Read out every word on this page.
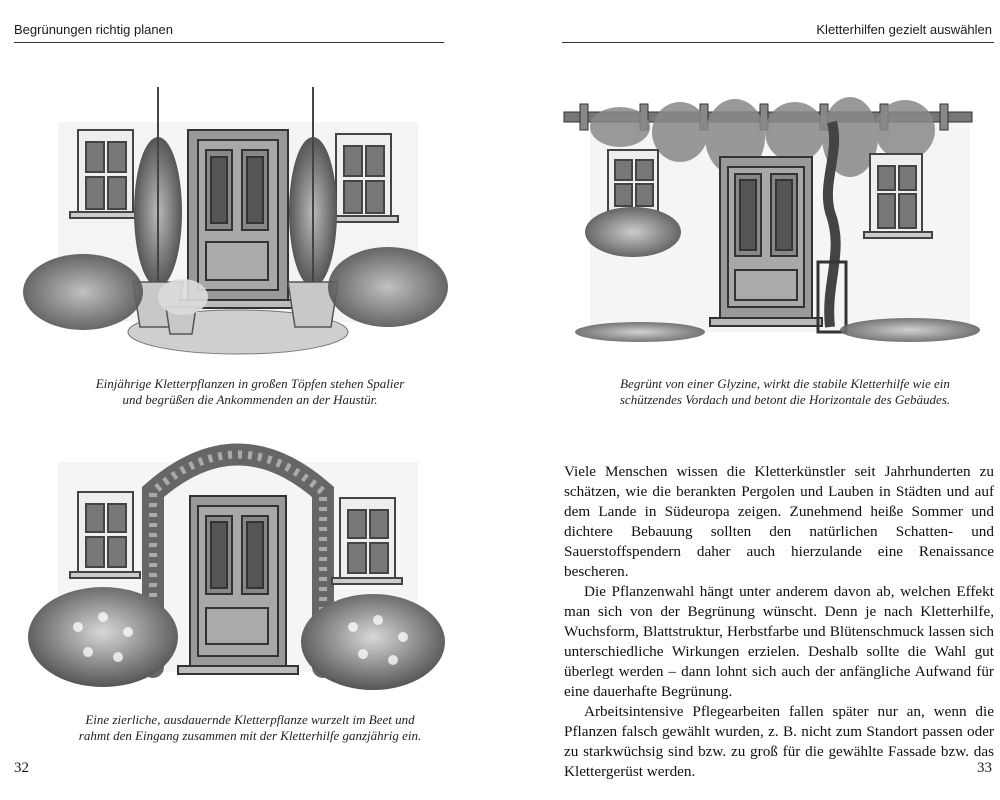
Begrünungen richtig planen
Einjährige Kletterpflanzen in großen Töpfen stehen Spalier
und begrüßen die Ankommenden an der Haustür.
Eine zierliche, ausdauernde Kletterpflanze wurzelt im Beet und
rahmt den Eingang zusammen mit der Kletterhilfe ganzjährig ein.
32
Kletterhilfen gezielt auswählen
Begrünt von einer Glyzine, wirkt die stabile Kletterhilfe wie ein
schützendes Vordach und betont die Horizontale des Gebäudes.

Viele Menschen wissen die Kletterkünstler seit Jahrhunderten zu schätzen, wie die berankten Pergolen und Lauben in Städten und auf dem Lande in Südeuropa zeigen. Zunehmend heiße Sommer und dichtere Bebauung sollten den natürlichen Schatten- und Sauerstoffspendern daher auch hierzulande eine Renaissance bescheren.

Die Pflanzenwahl hängt unter anderem davon ab, welchen Effekt man sich von der Begrünung wünscht. Denn je nach Kletterhilfe, Wuchsform, Blattstruktur, Herbstfarbe und Blütenschmuck lassen sich unterschiedliche Wirkungen erzielen. Deshalb sollte die Wahl gut überlegt werden – dann lohnt sich auch der anfängliche Aufwand für eine dauerhafte Begrünung.

Arbeitsintensive Pflegearbeiten fallen später nur an, wenn die Pflanzen falsch gewählt wurden, z. B. nicht zum Standort passen oder zu starkwüchsig sind bzw. zu groß für die gewählte Fassade bzw. das Klettergerüst werden.	33
